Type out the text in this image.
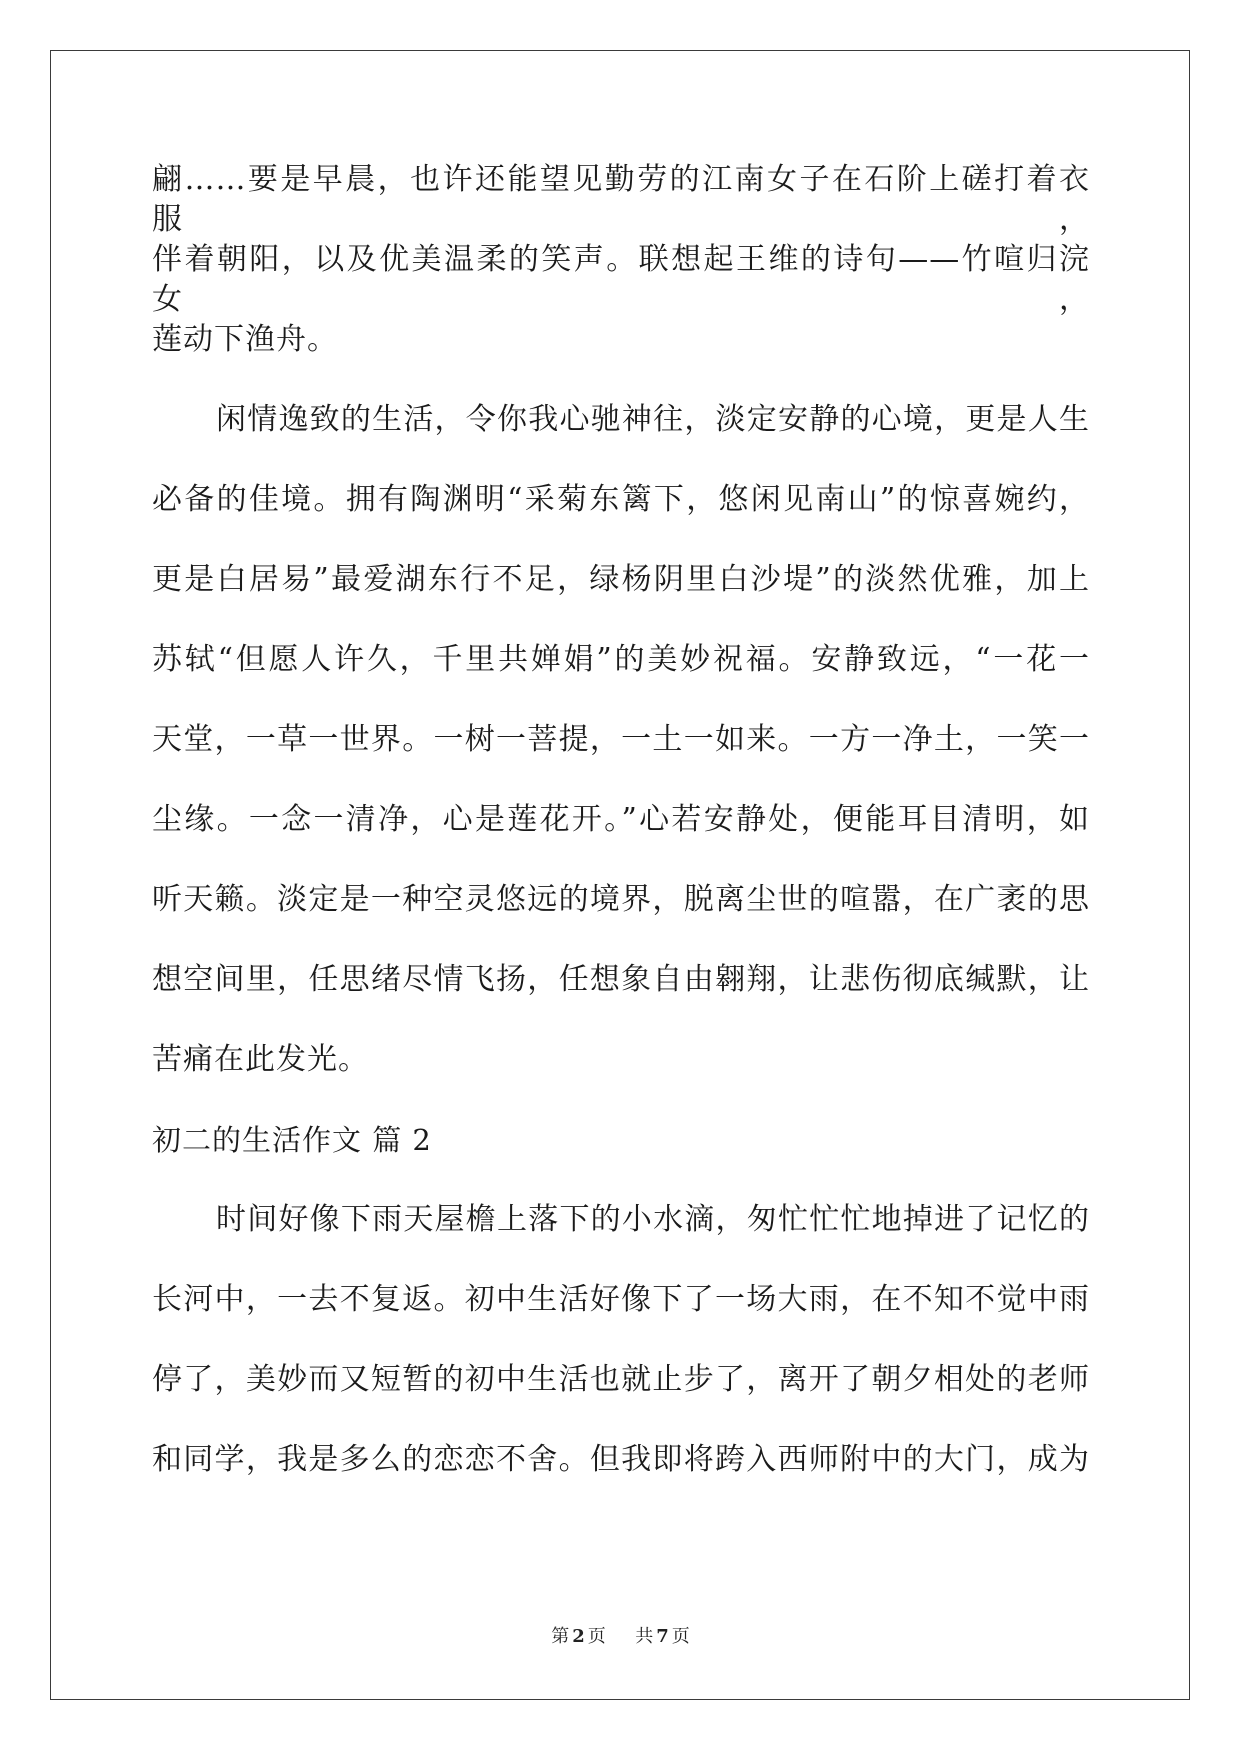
翩……要是早晨，也许还能望见勤劳的江南女子在石阶上磋打着衣服，
伴着朝阳，以及优美温柔的笑声。联想起王维的诗句——竹喧归浣女，
莲动下渔舟。
闲情逸致的生活，令你我心驰神往，淡定安静的心境，更是人生
必备的佳境。拥有陶渊明“采菊东篱下，悠闲见南山”的惊喜婉约，
更是白居易”最爱湖东行不足，绿杨阴里白沙堤”的淡然优雅，加上
苏轼“但愿人许久，千里共婵娟”的美妙祝福。安静致远，“一花一
天堂，一草一世界。一树一菩提，一土一如来。一方一净土，一笑一
尘缘。一念一清净，心是莲花开。”心若安静处，便能耳目清明，如
听天籁。淡定是一种空灵悠远的境界，脱离尘世的喧嚣，在广袤的思
想空间里，任思绪尽情飞扬，任想象自由翱翔，让悲伤彻底缄默，让
苦痛在此发光。
初二的生活作文 篇 2
时间好像下雨天屋檐上落下的小水滴，匆忙忙忙地掉进了记忆的
长河中，一去不复返。初中生活好像下了一场大雨，在不知不觉中雨
停了，美妙而又短暂的初中生活也就止步了，离开了朝夕相处的老师
和同学，我是多么的恋恋不舍。但我即将跨入西师附中的大门，成为
第 2 页 共 7 页
